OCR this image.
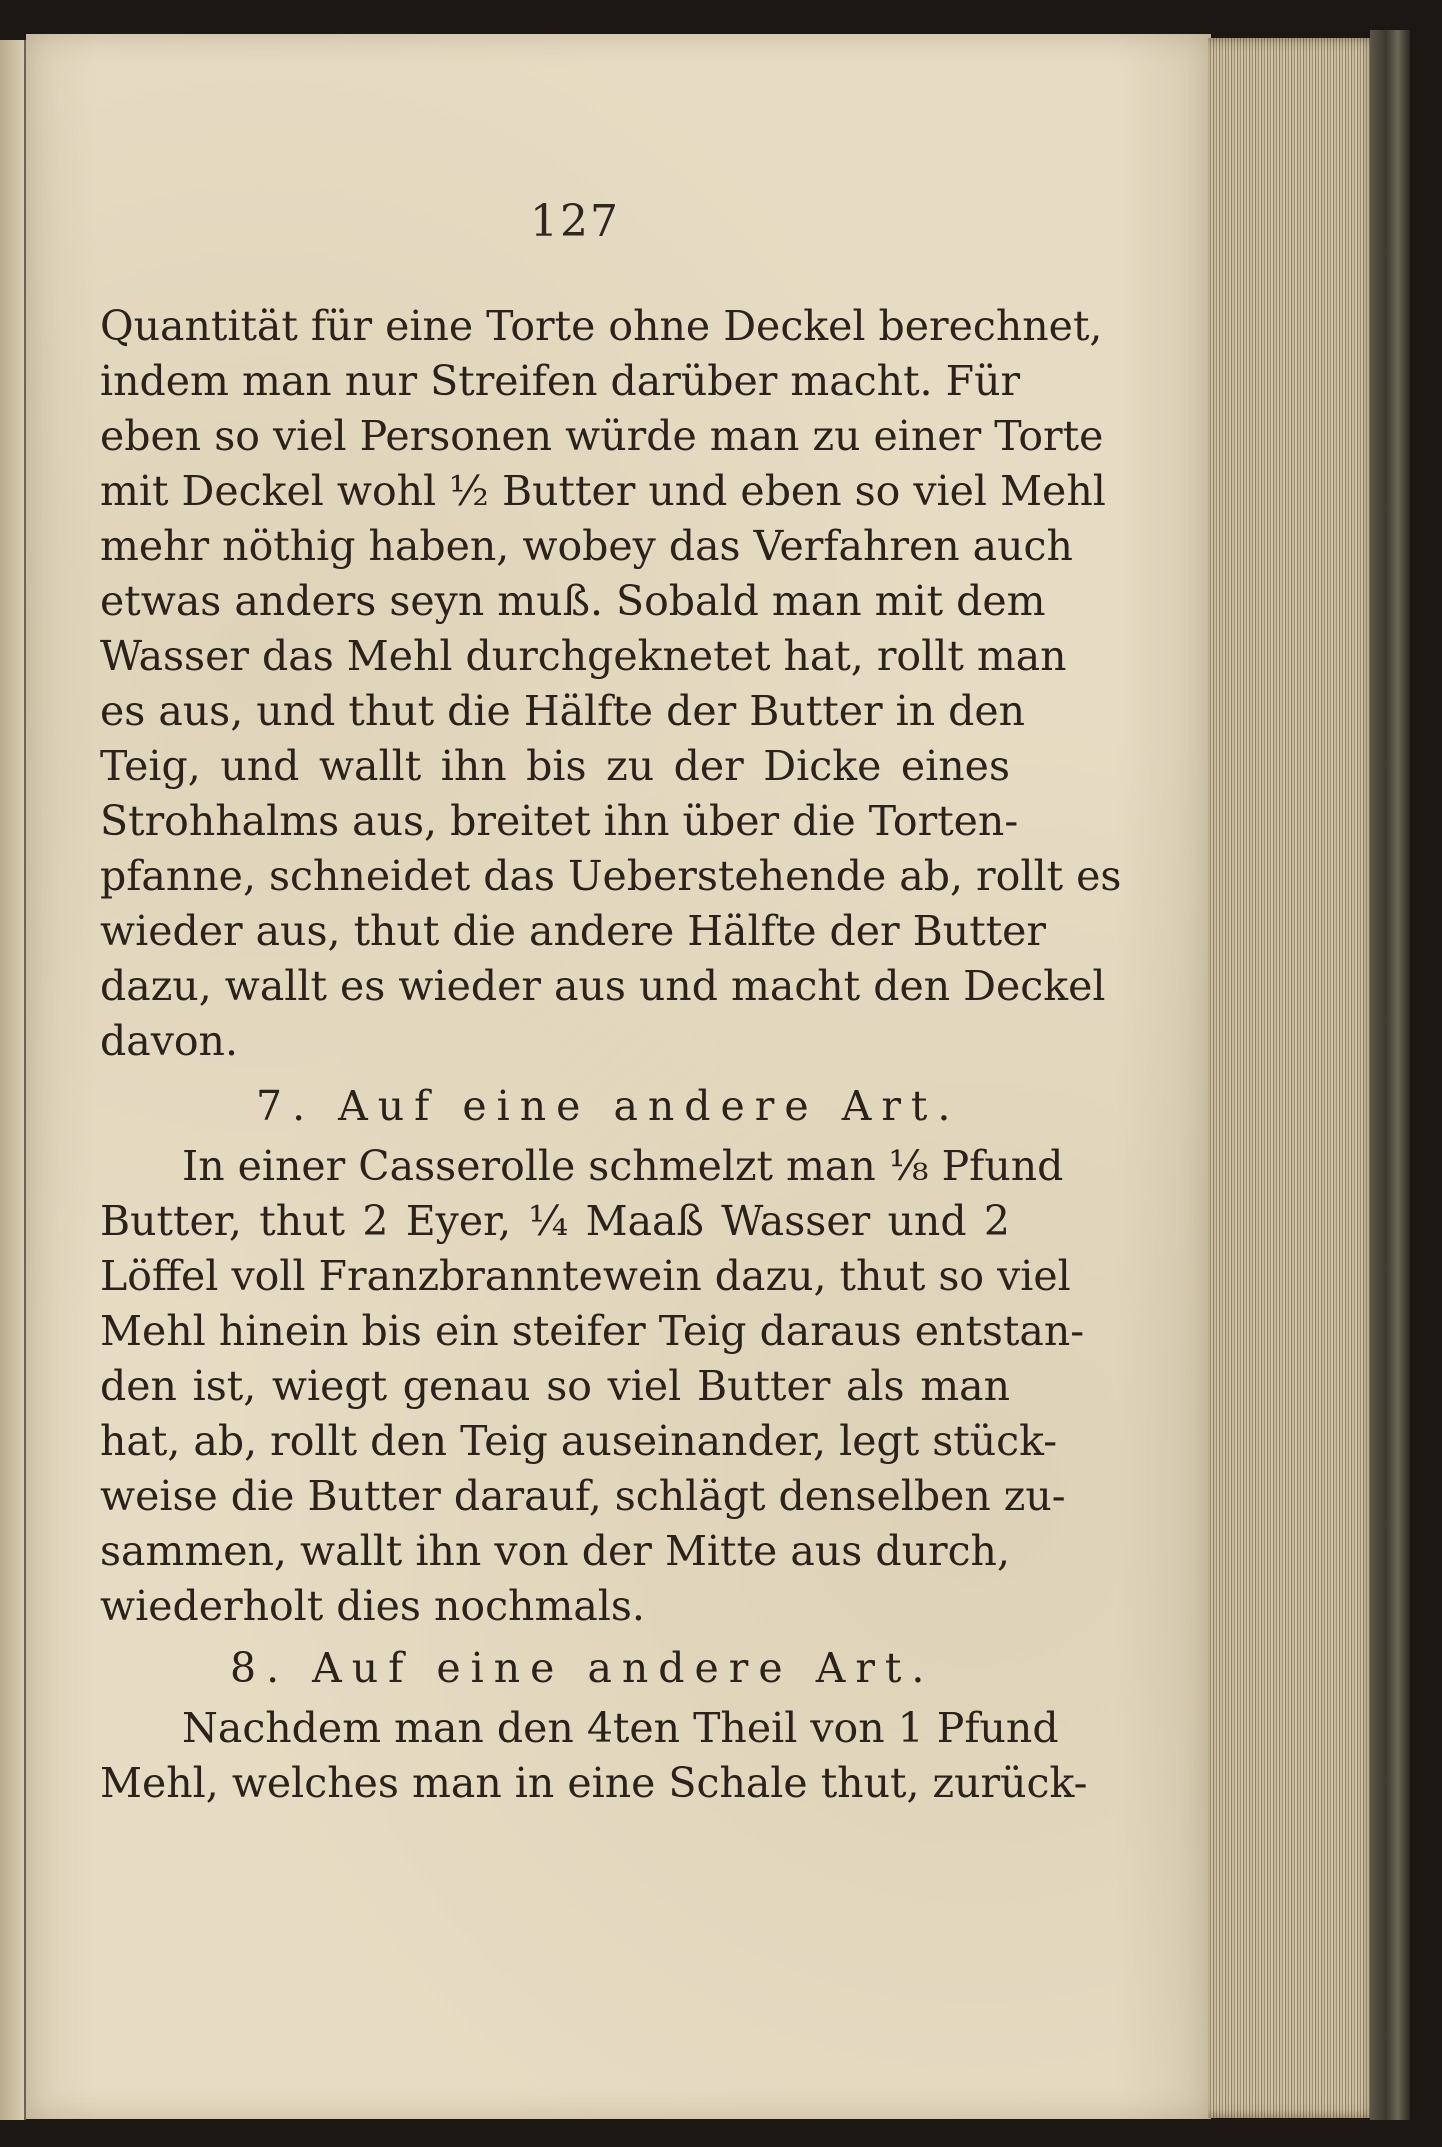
127
Quantität für eine Torte ohne Deckel berechnet,
indem man nur Streifen darüber macht. Für
eben so viel Personen würde man zu einer Torte
mit Deckel wohl ½ Butter und eben so viel Mehl
mehr nöthig haben, wobey das Verfahren auch
etwas anders seyn muß. Sobald man mit dem
Wasser das Mehl durchgeknetet hat, rollt man
es aus, und thut die Hälfte der Butter in den
Teig, und wallt ihn bis zu der Dicke eines
Strohhalms aus, breitet ihn über die Torten-
pfanne, schneidet das Ueberstehende ab, rollt es
wieder aus, thut die andere Hälfte der Butter
dazu, wallt es wieder aus und macht den Deckel
davon.
7. Auf eine andere Art.
In einer Casserolle schmelzt man ⅛ Pfund
Butter, thut 2 Eyer, ¼ Maaß Wasser und 2
Löffel voll Franzbranntewein dazu, thut so viel
Mehl hinein bis ein steifer Teig daraus entstan-
den ist, wiegt genau so viel Butter als man
hat, ab, rollt den Teig auseinander, legt stück-
weise die Butter darauf, schlägt denselben zu-
sammen, wallt ihn von der Mitte aus durch,
wiederholt dies nochmals.
8. Auf eine andere Art.
Nachdem man den 4ten Theil von 1 Pfund
Mehl, welches man in eine Schale thut, zurück-
